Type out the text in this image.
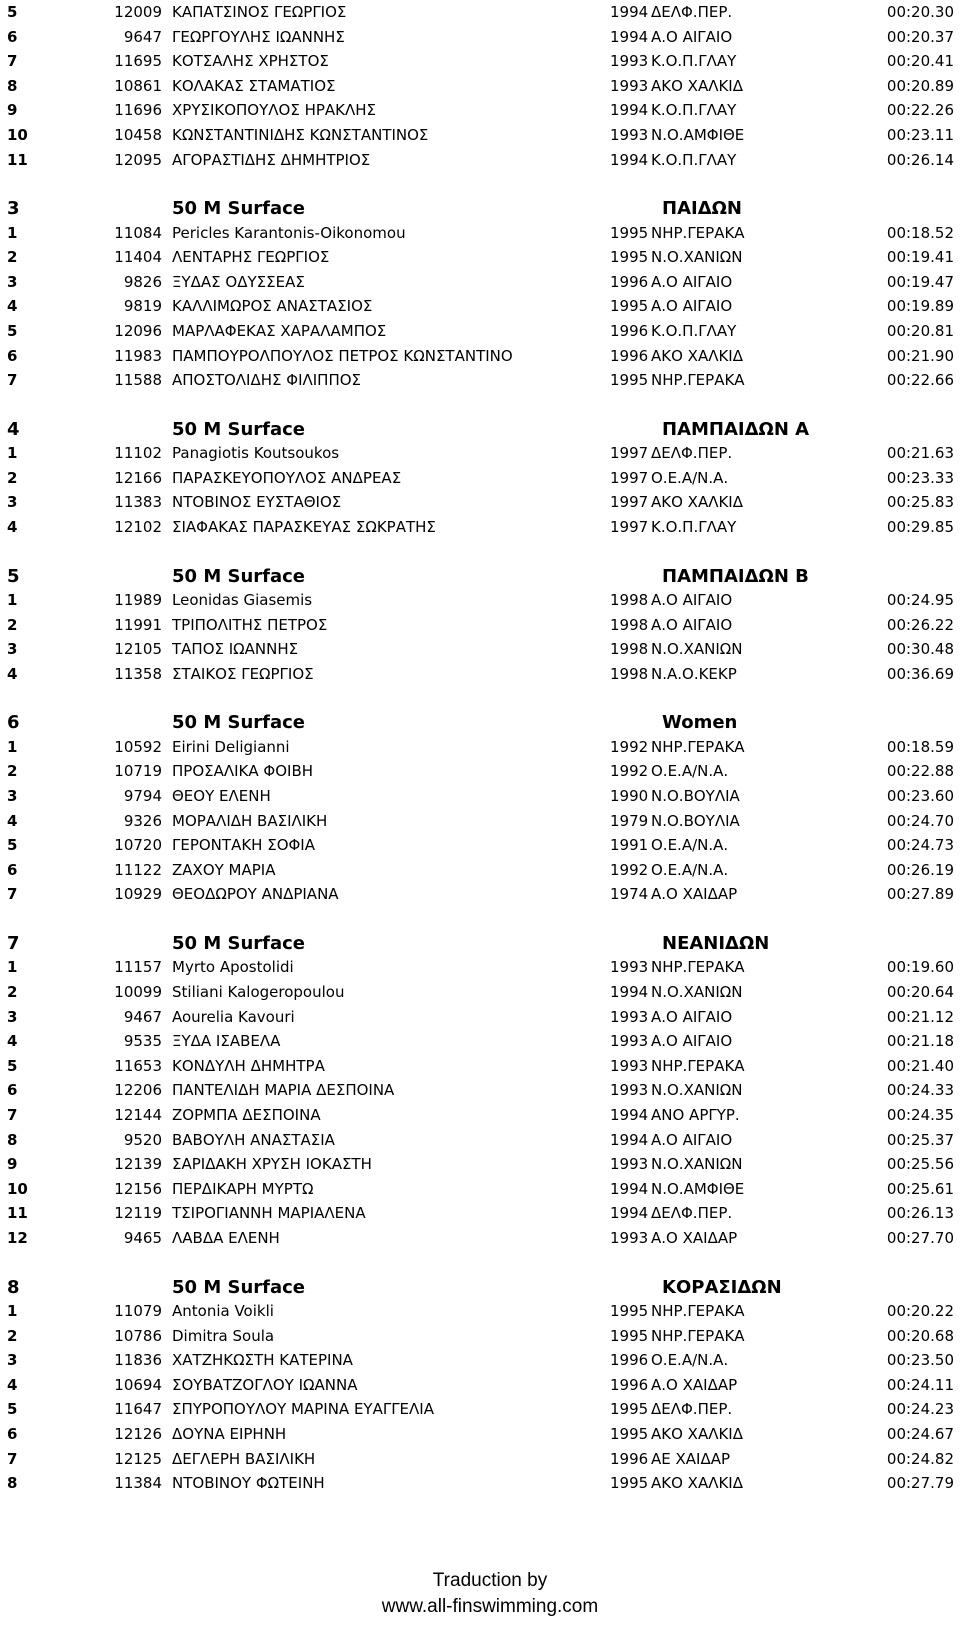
5	12009 ΚΑΠΑΤΣΙΝΟΣ ΓΕΩΡΓΙΟΣ	1994 ΔΕΛΦ.ΠΕΡ.	00:20.30
6	9647 ΓΕΩΡΓΟΥΛΗΣ ΙΩΑΝΝΗΣ	1994 Α.Ο ΑΙΓΑΙΟ	00:20.37
7	11695 ΚΟΤΣΑΛΗΣ ΧΡΗΣΤΟΣ	1993 Κ.Ο.Π.ΓΛΑΥ	00:20.41
8	10861 ΚΟΛΑΚΑΣ ΣΤΑΜΑΤΙΟΣ	1993 ΑΚΟ ΧΑΛΚΙΔ	00:20.89
9	11696 ΧΡΥΣΙΚΟΠΟΥΛΟΣ ΗΡΑΚΛΗΣ	1994 Κ.Ο.Π.ΓΛΑΥ	00:22.26
10	10458 ΚΩΝΣΤΑΝΤΙΝΙΔΗΣ ΚΩΝΣΤΑΝΤΙΝΟΣ	1993 Ν.Ο.ΑΜΦΙΘΕ	00:23.11
11	12095 ΑΓΟΡΑΣΤΙΔΗΣ ΔΗΜΗΤΡΙΟΣ	1994 Κ.Ο.Π.ΓΛΑΥ	00:26.14
3	50 M Surface	ΠΑΙΔΩΝ
1	11084 Pericles Karantonis-Oikonomou	1995 ΝΗΡ.ΓΕΡΑΚΑ	00:18.52
2	11404 ΛΕΝΤΑΡΗΣ ΓΕΩΡΓΙΟΣ	1995 Ν.Ο.ΧΑΝΙΩΝ	00:19.41
3	9826 ΞΥΔΑΣ ΟΔΥΣΣΕΑΣ	1996 Α.Ο ΑΙΓΑΙΟ	00:19.47
4	9819 ΚΑΛΛΙΜΩΡΟΣ ΑΝΑΣΤΑΣΙΟΣ	1995 Α.Ο ΑΙΓΑΙΟ	00:19.89
5	12096 ΜΑΡΛΑΦΕΚΑΣ ΧΑΡΑΛΑΜΠΟΣ	1996 Κ.Ο.Π.ΓΛΑΥ	00:20.81
6	11983 ΠΑΜΠΟΥΡΟΛΠΟΥΛΟΣ ΠΕΤΡΟΣ ΚΩΝΣΤΑΝΤΙΝΟ	1996 ΑΚΟ ΧΑΛΚΙΔ	00:21.90
7	11588 ΑΠΟΣΤΟΛΙΔΗΣ ΦΙΛΙΠΠΟΣ	1995 ΝΗΡ.ΓΕΡΑΚΑ	00:22.66
4	50 M Surface	ΠΑΜΠΑΙΔΩΝ Α
1	11102 Panagiotis Koutsoukos	1997 ΔΕΛΦ.ΠΕΡ.	00:21.63
2	12166 ΠΑΡΑΣΚΕΥΟΠΟΥΛΟΣ ΑΝΔΡΕΑΣ	1997 Ο.Ε.Α/Ν.Α.	00:23.33
3	11383 ΝΤΟΒΙΝΟΣ ΕΥΣΤΑΘΙΟΣ	1997 ΑΚΟ ΧΑΛΚΙΔ	00:25.83
4	12102 ΣΙΑΦΑΚΑΣ ΠΑΡΑΣΚΕΥΑΣ ΣΩΚΡΑΤΗΣ	1997 Κ.Ο.Π.ΓΛΑΥ	00:29.85
5	50 M Surface	ΠΑΜΠΑΙΔΩΝ Β
1	11989 Leonidas Giasemis	1998 Α.Ο ΑΙΓΑΙΟ	00:24.95
2	11991 ΤΡΙΠΟΛΙΤΗΣ ΠΕΤΡΟΣ	1998 Α.Ο ΑΙΓΑΙΟ	00:26.22
3	12105 ΤΑΠΟΣ ΙΩΑΝΝΗΣ	1998 Ν.Ο.ΧΑΝΙΩΝ	00:30.48
4	11358 ΣΤΑΙΚΟΣ ΓΕΩΡΓΙΟΣ	1998 Ν.Α.Ο.ΚΕΚΡ	00:36.69
6	50 M Surface	Women
1	10592 Eirini Deligianni	1992 ΝΗΡ.ΓΕΡΑΚΑ	00:18.59
2	10719 ΠΡΟΣΑΛΙΚΑ ΦΟΙΒΗ	1992 Ο.Ε.Α/Ν.Α.	00:22.88
3	9794 ΘΕΟΥ ΕΛΕΝΗ	1990 Ν.Ο.ΒΟΥΛΙΑ	00:23.60
4	9326 ΜΟΡΑΛΙΔΗ ΒΑΣΙΛΙΚΗ	1979 Ν.Ο.ΒΟΥΛΙΑ	00:24.70
5	10720 ΓΕΡΟΝΤΑΚΗ ΣΟΦΙΑ	1991 Ο.Ε.Α/Ν.Α.	00:24.73
6	11122 ΖΑΧΟΥ ΜΑΡΙΑ	1992 Ο.Ε.Α/Ν.Α.	00:26.19
7	10929 ΘΕΟΔΩΡΟΥ ΑΝΔΡΙΑΝΑ	1974 Α.Ο ΧΑΙΔΑΡ	00:27.89
7	50 M Surface	ΝΕΑΝΙΔΩΝ
1	11157 Myrto Apostolidi	1993 ΝΗΡ.ΓΕΡΑΚΑ	00:19.60
2	10099 Stiliani Kalogeropoulou	1994 Ν.Ο.ΧΑΝΙΩΝ	00:20.64
3	9467 Aourelia Kavouri	1993 Α.Ο ΑΙΓΑΙΟ	00:21.12
4	9535 ΞΥΔΑ ΙΣΑΒΕΛΑ	1993 Α.Ο ΑΙΓΑΙΟ	00:21.18
5	11653 ΚΟΝΔΥΛΗ ΔΗΜΗΤΡΑ	1993 ΝΗΡ.ΓΕΡΑΚΑ	00:21.40
6	12206 ΠΑΝΤΕΛΙΔΗ ΜΑΡΙΑ ΔΕΣΠΟΙΝΑ	1993 Ν.Ο.ΧΑΝΙΩΝ	00:24.33
7	12144 ΖΟΡΜΠΑ ΔΕΣΠΟΙΝΑ	1994 ΑΝΟ ΑΡΓΥΡ.	00:24.35
8	9520 ΒΑΒΟΥΛΗ ΑΝΑΣΤΑΣΙΑ	1994 Α.Ο ΑΙΓΑΙΟ	00:25.37
9	12139 ΣΑΡΙΔΑΚΗ ΧΡΥΣΗ ΙΟΚΑΣΤΗ	1993 Ν.Ο.ΧΑΝΙΩΝ	00:25.56
10	12156 ΠΕΡΔΙΚΑΡΗ ΜΥΡΤΩ	1994 Ν.Ο.ΑΜΦΙΘΕ	00:25.61
11	12119 ΤΣΙΡΟΓΙΑΝΝΗ ΜΑΡΙΑΛΕΝΑ	1994 ΔΕΛΦ.ΠΕΡ.	00:26.13
12	9465 ΛΑΒΔΑ ΕΛΕΝΗ	1993 Α.Ο ΧΑΙΔΑΡ	00:27.70
8	50 M Surface	ΚΟΡΑΣΙΔΩΝ
1	11079 Antonia Voikli	1995 ΝΗΡ.ΓΕΡΑΚΑ	00:20.22
2	10786 Dimitra Soula	1995 ΝΗΡ.ΓΕΡΑΚΑ	00:20.68
3	11836 ΧΑΤΖΗΚΩΣΤΗ ΚΑΤΕΡΙΝΑ	1996 Ο.Ε.Α/Ν.Α.	00:23.50
4	10694 ΣΟΥΒΑΤΖΟΓΛΟΥ ΙΩΑΝΝΑ	1996 Α.Ο ΧΑΙΔΑΡ	00:24.11
5	11647 ΣΠΥΡΟΠΟΥΛΟΥ ΜΑΡΙΝΑ ΕΥΑΓΓΕΛΙΑ	1995 ΔΕΛΦ.ΠΕΡ.	00:24.23
6	12126 ΔΟΥΝΑ ΕΙΡΗΝΗ	1995 ΑΚΟ ΧΑΛΚΙΔ	00:24.67
7	12125 ΔΕΓΛΕΡΗ ΒΑΣΙΛΙΚΗ	1996 ΑΕ ΧΑΙΔΑΡ	00:24.82
8	11384 ΝΤΟΒΙΝΟΥ ΦΩΤΕΙΝΗ	1995 ΑΚΟ ΧΑΛΚΙΔ	00:27.79
Traduction by
www.all-finswimming.com
